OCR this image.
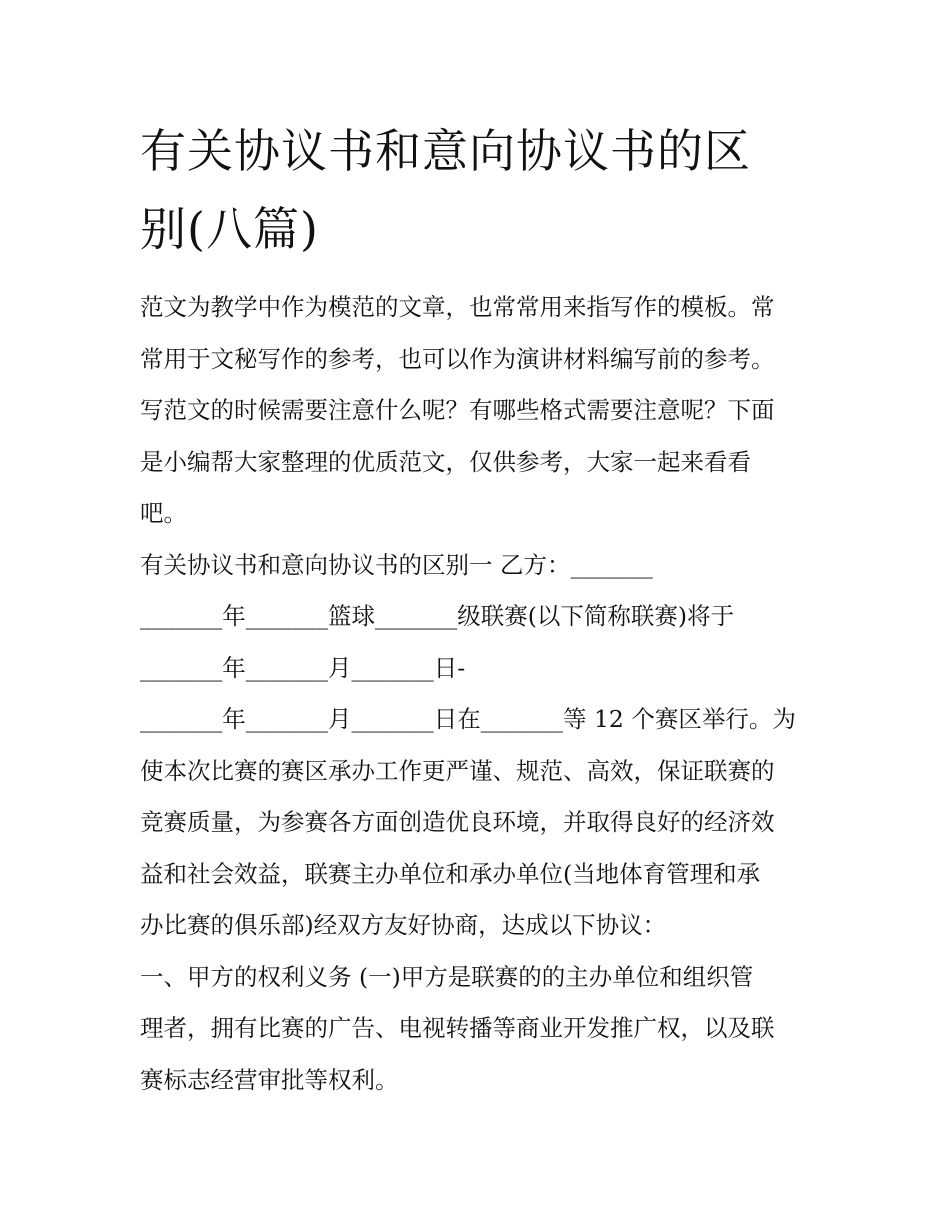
有关协议书和意向协议书的区
别(八篇)
范文为教学中作为模范的文章，也常常用来指写作的模板。常
常用于文秘写作的参考，也可以作为演讲材料编写前的参考。
写范文的时候需要注意什么呢？有哪些格式需要注意呢？下面
是小编帮大家整理的优质范文，仅供参考，大家一起来看看
吧。
有关协议书和意向协议书的区别一 乙方：_______
_______年_______篮球_______级联赛(以下简称联赛)将于
_______年_______月_______日-
_______年_______月_______日在_______等 12 个赛区举行。为
使本次比赛的赛区承办工作更严谨、规范、高效，保证联赛的
竞赛质量，为参赛各方面创造优良环境，并取得良好的经济效
益和社会效益，联赛主办单位和承办单位(当地体育管理和承
办比赛的俱乐部)经双方友好协商，达成以下协议：
一、甲方的权利义务 (一)甲方是联赛的的主办单位和组织管
理者，拥有比赛的广告、电视转播等商业开发推广权，以及联
赛标志经营审批等权利。
